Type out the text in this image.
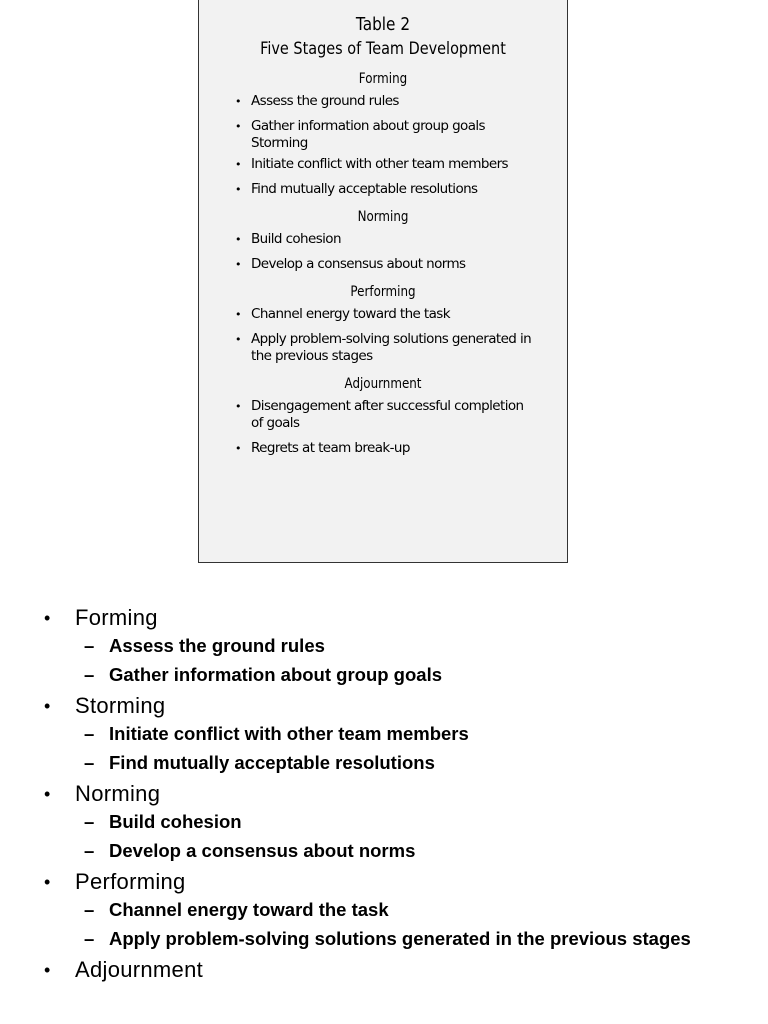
Table 2
Five Stages of Team Development
Forming
• Assess the ground rules
• Gather information about group goals
Storming
• Initiate conflict with other team members
• Find mutually acceptable resolutions
Norming
• Build cohesion
• Develop a consensus about norms
Performing
• Channel energy toward the task
• Apply problem-solving solutions generated in the previous stages
Adjournment
• Disengagement after successful completion of goals
• Regrets at team break-up
• Forming
– Assess the ground rules
– Gather information about group goals
• Storming
– Initiate conflict with other team members
– Find mutually acceptable resolutions
• Norming
– Build cohesion
– Develop a consensus about norms
• Performing
– Channel energy toward the task
– Apply problem-solving solutions generated in the previous stages
• Adjournment
